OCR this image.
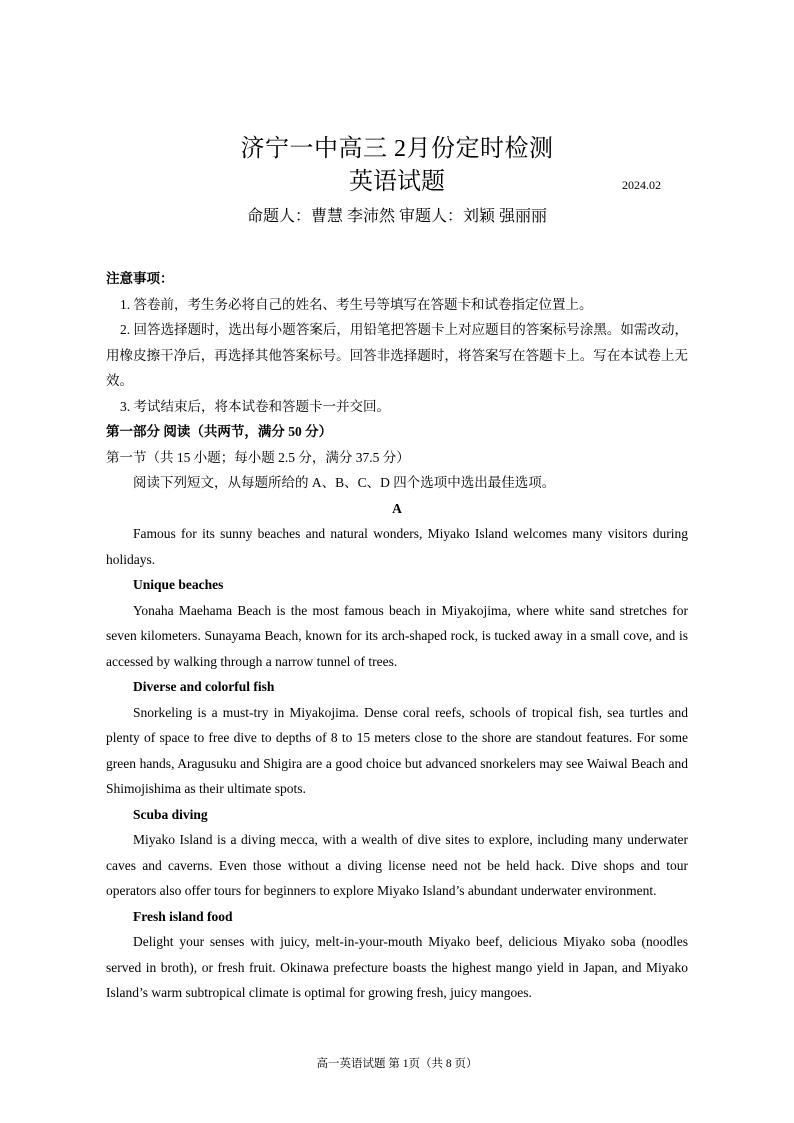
济宁一中高三 2月份定时检测
英语试题	2024.02
命题人：曹慧 李沛然 审题人：刘颖 强丽丽

注意事项：

1. 答卷前，考生务必将自己的姓名、考生号等填写在答题卡和试卷指定位置上。

2. 回答选择题时，选出每小题答案后，用铅笔把答题卡上对应题目的答案标号涂黑。如需改动，用橡皮擦干净后，再选择其他答案标号。回答非选择题时，将答案写在答题卡上。写在本试卷上无效。

3. 考试结束后，将本试卷和答题卡一并交回。

第一部分 阅读（共两节，满分 50 分）

第一节（共 15 小题；每小题 2.5 分，满分 37.5 分）

阅读下列短文，从每题所给的 A、B、C、D 四个选项中选出最佳选项。

A

Famous for its sunny beaches and natural wonders, Miyako Island welcomes many visitors during holidays.

Unique beaches

Yonaha Maehama Beach is the most famous beach in Miyakojima, where white sand stretches for seven kilometers. Sunayama Beach, known for its arch-shaped rock, is tucked away in a small cove, and is accessed by walking through a narrow tunnel of trees.

Diverse and colorful fish

Snorkeling is a must-try in Miyakojima. Dense coral reefs, schools of tropical fish, sea turtles and plenty of space to free dive to depths of 8 to 15 meters close to the shore are standout features. For some green hands, Aragusuku and Shigira are a good choice but advanced snorkelers may see Waiwal Beach and Shimojishima as their ultimate spots.

Scuba diving

Miyako Island is a diving mecca, with a wealth of dive sites to explore, including many underwater caves and caverns. Even those without a diving license need not be held hack. Dive shops and tour operators also offer tours for beginners to explore Miyako Island’s abundant underwater environment.

Fresh island food

Delight your senses with juicy, melt-in-your-mouth Miyako beef, delicious Miyako soba (noodles served in broth), or fresh fruit. Okinawa prefecture boasts the highest mango yield in Japan, and Miyako Island’s warm subtropical climate is optimal for growing fresh, juicy mangoes.

高一英语试题 第 1页（共 8 页）
